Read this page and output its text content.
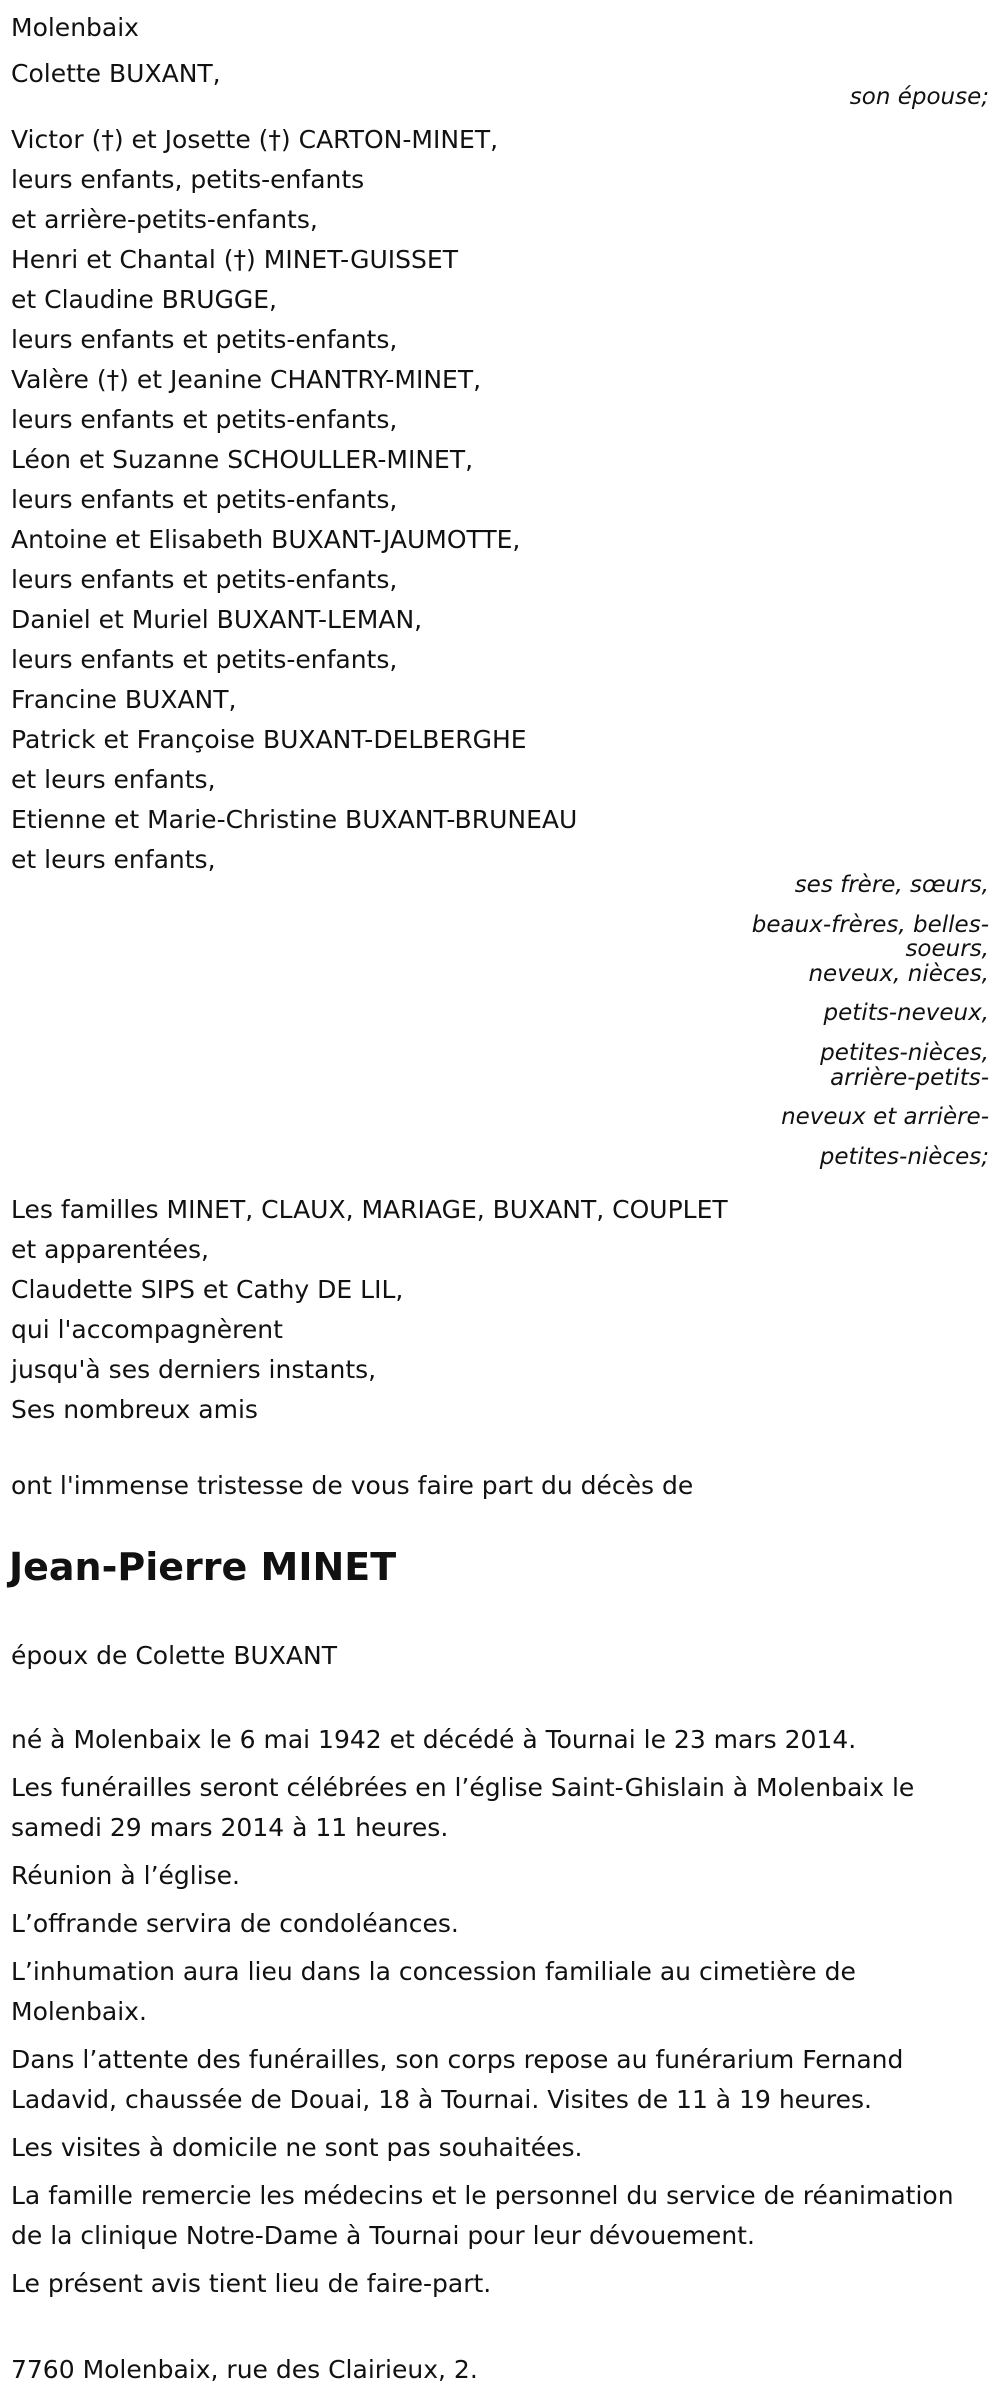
Molenbaix
Colette BUXANT,
son épouse;
Victor (†) et Josette (†) CARTON-MINET,
leurs enfants, petits-enfants
et arrière-petits-enfants,
Henri et Chantal (†) MINET-GUISSET
et Claudine BRUGGE,
leurs enfants et petits-enfants,
Valère (†) et Jeanine CHANTRY-MINET,
leurs enfants et petits-enfants,
Léon et Suzanne SCHOULLER-MINET,
leurs enfants et petits-enfants,
Antoine et Elisabeth BUXANT-JAUMOTTE,
leurs enfants et petits-enfants,
Daniel et Muriel BUXANT-LEMAN,
leurs enfants et petits-enfants,
Francine BUXANT,
Patrick et Françoise BUXANT-DELBERGHE
et leurs enfants,
Etienne et Marie-Christine BUXANT-BRUNEAU
et leurs enfants,
ses frère, sœurs,
beaux-frères, belles-
soeurs,
neveux, nièces,
petits-neveux,
petites-nièces,
arrière-petits-
neveux et arrière-
petites-nièces;
Les familles MINET, CLAUX, MARIAGE, BUXANT, COUPLET
et apparentées,
Claudette SIPS et Cathy DE LIL,
qui l'accompagnèrent
jusqu'à ses derniers instants,
Ses nombreux amis
ont l'immense tristesse de vous faire part du décès de
Jean-Pierre MINET
époux de Colette BUXANT

né à Molenbaix le 6 mai 1942 et décédé à Tournai le 23 mars 2014.

Les funérailles seront célébrées en l’église Saint-Ghislain à Molenbaix le samedi 29 mars 2014 à 11 heures.

Réunion à l’église.

L’offrande servira de condoléances.

L’inhumation aura lieu dans la concession familiale au cimetière de Molenbaix.

Dans l’attente des funérailles, son corps repose au funérarium Fernand Ladavid, chaussée de Douai, 18 à Tournai. Visites de 11 à 19 heures.

Les visites à domicile ne sont pas souhaitées.

La famille remercie les médecins et le personnel du service de réanimation de la clinique Notre-Dame à Tournai pour leur dévouement.

Le présent avis tient lieu de faire-part.

7760 Molenbaix, rue des Clairieux, 2.
